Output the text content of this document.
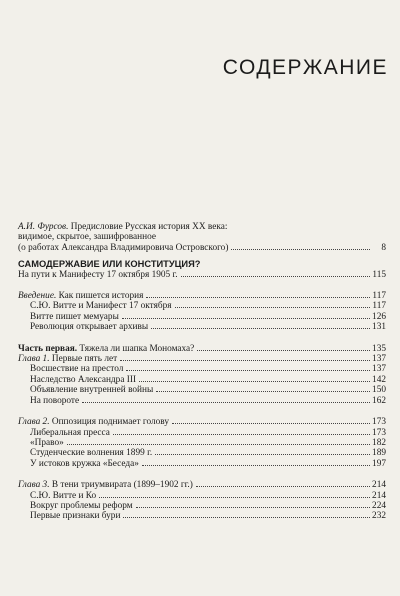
СОДЕРЖАНИЕ
А.И. Фурсов. Предисловие Русская история XX века:
видимое, скрытое, зашифрованное
(о работах Александра Владимировича Островского)	8
САМОДЕРЖАВИЕ ИЛИ КОНСТИТУЦИЯ?
На пути к Манифесту 17 октября 1905 г.	115
Введение. Как пишется история	117
С.Ю. Витте и Манифест 17 октября	117
Витте пишет мемуары	126
Революция открывает архивы	131
Часть первая. Тяжела ли шапка Мономаха?	135
Глава 1. Первые пять лет	137
Восшествие на престол	137
Наследство Александра III	142
Объявление внутренней войны	150
На повороте	162
Глава 2. Оппозиция поднимает голову	173
Либеральная пресса	173
«Право»	182
Студенческие волнения 1899 г.	189
У истоков кружка «Беседа»	197
Глава 3. В тени триумвирата (1899–1902 гг.)	214
С.Ю. Витте и Ко	214
Вокруг проблемы реформ	224
Первые признаки бури	232
